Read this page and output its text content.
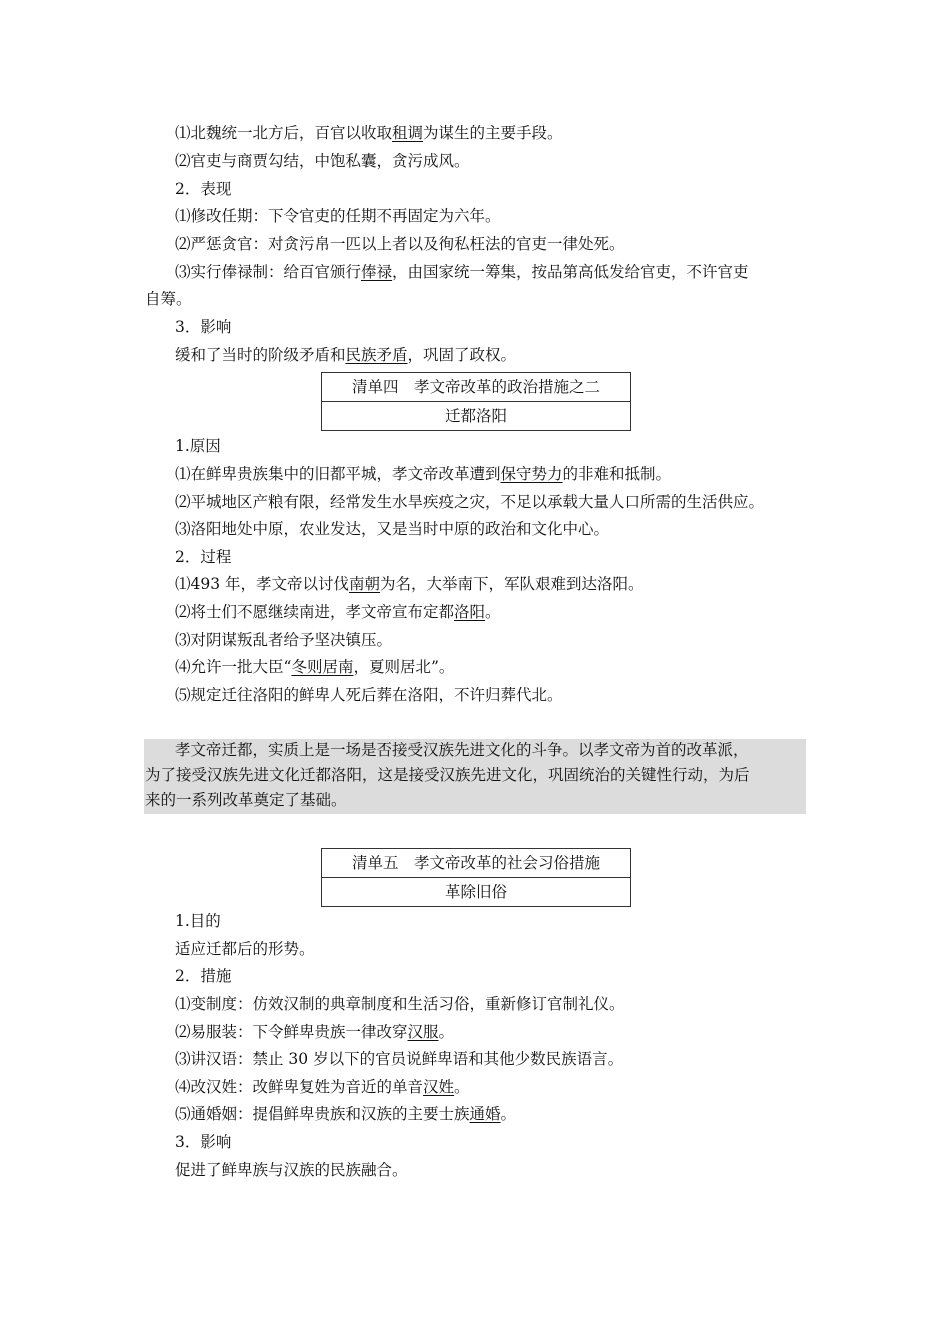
⑴北魏统一北方后，百官以收取租调为谋生的主要手段。
⑵官吏与商贾勾结，中饱私囊，贪污成风。
2．表现
⑴修改任期：下令官吏的任期不再固定为六年。
⑵严惩贪官：对贪污帛一匹以上者以及徇私枉法的官吏一律处死。
⑶实行俸禄制：给百官颁行俸禄，由国家统一筹集，按品第高低发给官吏，不许官吏
自筹。
3．影响
缓和了当时的阶级矛盾和民族矛盾，巩固了政权。
清单四　孝文帝改革的政治措施之二
迁都洛阳
1.原因
⑴在鲜卑贵族集中的旧都平城，孝文帝改革遭到保守势力的非难和抵制。
⑵平城地区产粮有限，经常发生水旱疾疫之灾，不足以承载大量人口所需的生活供应。
⑶洛阳地处中原，农业发达，又是当时中原的政治和文化中心。
2．过程
⑴493 年，孝文帝以讨伐南朝为名，大举南下，军队艰难到达洛阳。
⑵将士们不愿继续南进，孝文帝宣布定都洛阳。
⑶对阴谋叛乱者给予坚决镇压。
⑷允许一批大臣“冬则居南，夏则居北”。
⑸规定迁往洛阳的鲜卑人死后葬在洛阳，不许归葬代北。
孝文帝迁都，实质上是一场是否接受汉族先进文化的斗争。以孝文帝为首的改革派，
为了接受汉族先进文化迁都洛阳，这是接受汉族先进文化，巩固统治的关键性行动，为后
来的一系列改革奠定了基础。
清单五　孝文帝改革的社会习俗措施
革除旧俗
1.目的
适应迁都后的形势。
2．措施
⑴变制度：仿效汉制的典章制度和生活习俗，重新修订官制礼仪。
⑵易服装：下令鲜卑贵族一律改穿汉服。
⑶讲汉语：禁止 30 岁以下的官员说鲜卑语和其他少数民族语言。
⑷改汉姓：改鲜卑复姓为音近的单音汉姓。
⑸通婚姻：提倡鲜卑贵族和汉族的主要士族通婚。
3．影响
促进了鲜卑族与汉族的民族融合。
